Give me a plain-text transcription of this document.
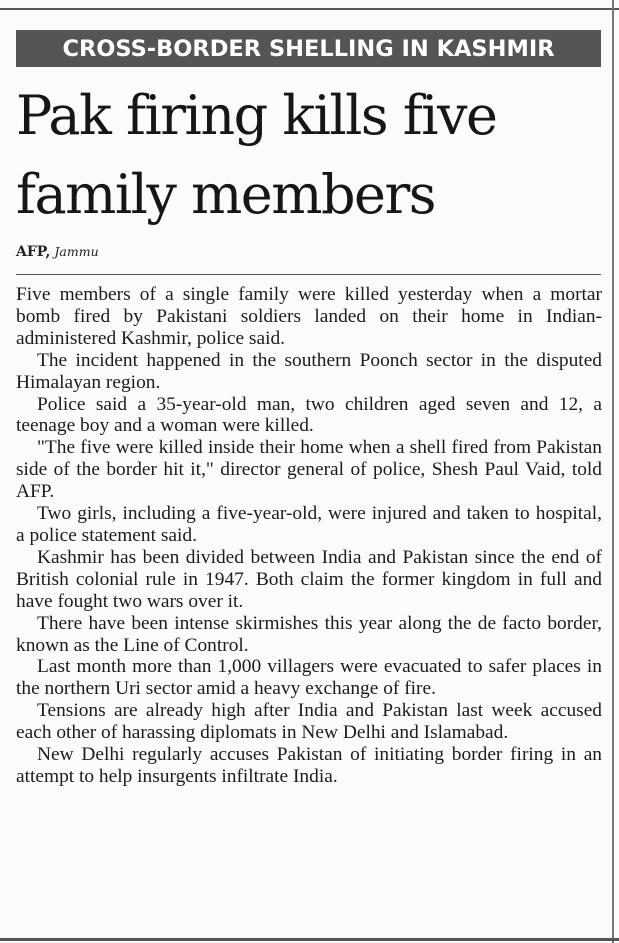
CROSS-BORDER SHELLING IN KASHMIR
Pak firing kills five family members
AFP, Jammu

Five members of a single family were killed yesterday when a mortar bomb fired by Pakistani soldiers landed on their home in Indian-administered Kashmir, police said.

The incident happened in the southern Poonch sector in the disputed Himalayan region.

Police said a 35-year-old man, two children aged seven and 12, a teenage boy and a woman were killed.

"The five were killed inside their home when a shell fired from Pakistan side of the border hit it," director general of police, Shesh Paul Vaid, told AFP.

Two girls, including a five-year-old, were injured and taken to hospital, a police statement said.

Kashmir has been divided between India and Pakistan since the end of British colonial rule in 1947. Both claim the former kingdom in full and have fought two wars over it.

There have been intense skirmishes this year along the de facto border, known as the Line of Control.

Last month more than 1,000 villagers were evacuated to safer places in the northern Uri sector amid a heavy exchange of fire.

Tensions are already high after India and Pakistan last week accused each other of harassing diplomats in New Delhi and Islamabad.

New Delhi regularly accuses Pakistan of initiating border firing in an attempt to help insurgents infiltrate India.
